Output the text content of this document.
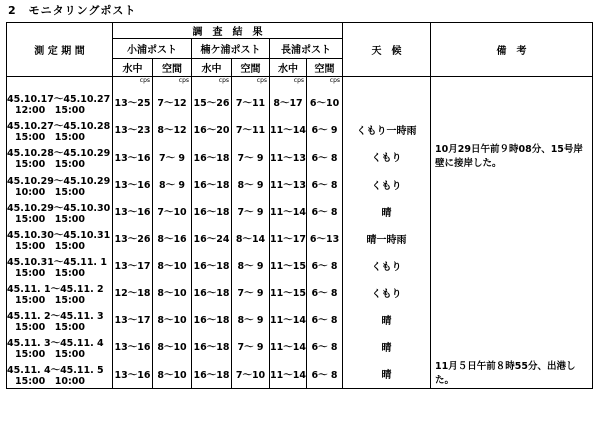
2　モニタリングポスト
測 定 期 間	調　査　結　果						天　候	備　考
	小浦ポスト		楠ケ浦ポスト		長浦ポスト			
	水中	空間	水中	空間	水中	空間		
	cps	cps	cps	cps	cps	cps		

45.10.17～45.10.27
12:00　15:00	13～25	7～12	15～26	7～11	8～17	6～10		

45.10.27～45.10.28
15:00　15:00	13～23	8～12	16～20	7～11	11～14	6～ 9	くもり一時雨	

45.10.28～45.10.29
15:00　15:00	13～16	7～ 9	16～18	7～ 9	11～13	6～ 8	くもり	10月29日午前９時08分、15号岸壁に接岸した。

45.10.29～45.10.29
10:00　15:00	13～16	8～ 9	16～18	8～ 9	11～13	6～ 8	くもり	

45.10.29～45.10.30
15:00　15:00	13～16	7～10	16～18	7～ 9	11～14	6～ 8	晴	

45.10.30～45.10.31
15:00　15:00	13～26	8～16	16～24	8～14	11～17	6～13	晴一時雨	

45.10.31～45.11. 1
15:00　15:00	13～17	8～10	16～18	8～ 9	11～15	6～ 8	くもり	

45.11. 1～45.11. 2
15:00　15:00	12～18	8～10	16～18	7～ 9	11～15	6～ 8	くもり	

45.11. 2～45.11. 3
15:00　15:00	13～17	8～10	16～18	8～ 9	11～14	6～ 8	晴	

45.11. 3～45.11. 4
15:00　15:00	13～16	8～10	16～18	7～ 9	11～14	6～ 8	晴	

45.11. 4～45.11. 5
15:00　10:00	13～16	8～10	16～18	7～10	11～14	6～ 8	晴	11月５日午前８時55分、出港した。
